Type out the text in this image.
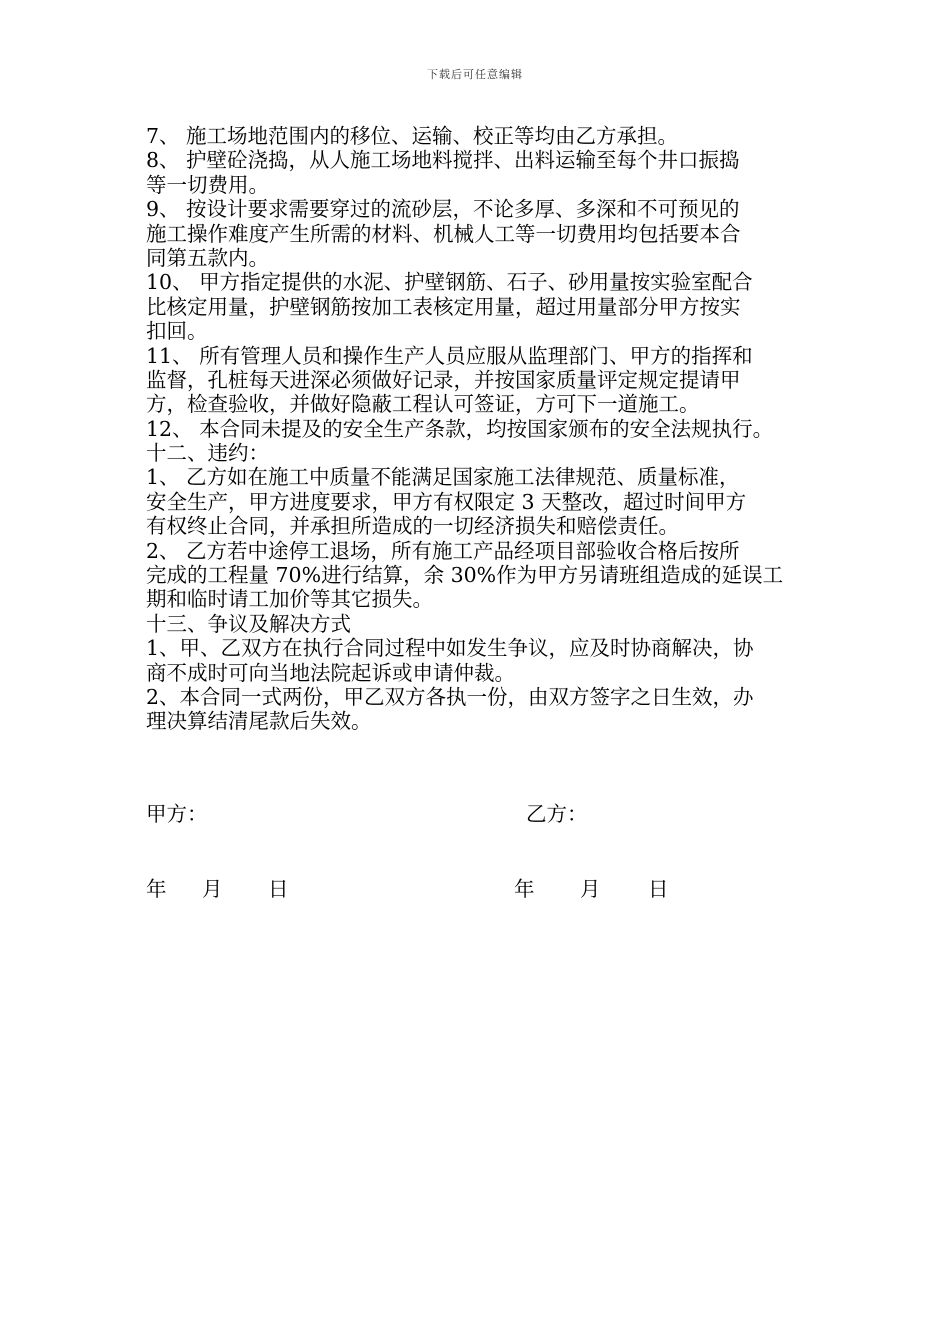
下载后可任意编辑
7、 施工场地范围内的移位、运输、校正等均由乙方承担。
8、 护壁砼浇捣，从人施工场地料搅拌、出料运输至每个井口振捣
等一切费用。
9、 按设计要求需要穿过的流砂层，不论多厚、多深和不可预见的
施工操作难度产生所需的材料、机械人工等一切费用均包括要本合
同第五款内。
10、 甲方指定提供的水泥、护壁钢筋、石子、砂用量按实验室配合
比核定用量，护壁钢筋按加工表核定用量，超过用量部分甲方按实
扣回。
11、 所有管理人员和操作生产人员应服从监理部门、甲方的指挥和
监督，孔桩每天进深必须做好记录，并按国家质量评定规定提请甲
方，检查验收，并做好隐蔽工程认可签证，方可下一道施工。
12、 本合同未提及的安全生产条款，均按国家颁布的安全法规执行。
十二、违约：
1、 乙方如在施工中质量不能满足国家施工法律规范、质量标准，
安全生产，甲方进度要求，甲方有权限定 3 天整改，超过时间甲方
有权终止合同，并承担所造成的一切经济损失和赔偿责任。
2、 乙方若中途停工退场，所有施工产品经项目部验收合格后按所
完成的工程量 70%进行结算，余 30%作为甲方另请班组造成的延误工
期和临时请工加价等其它损失。
十三、争议及解决方式
1、甲、乙双方在执行合同过程中如发生争议，应及时协商解决，协
商不成时可向当地法院起诉或申请仲裁。
2、本合同一式两份，甲乙双方各执一份，由双方签字之日生效，办
理决算结清尾款后失效。
甲方：	乙方：
年 月 日	年 月 日
